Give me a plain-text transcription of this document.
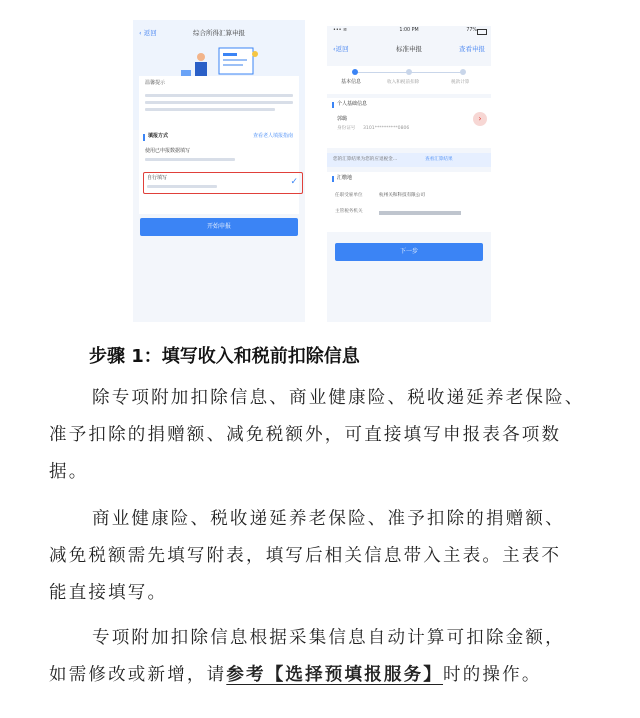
‹ 返回	综合所得汇算申报
温馨提示
填报方式	查看老人填报指南
使用已申报数据填写
自行填写	✓
开始申报
••• ≋	1:00 PM	77%
‹返回	标准申报	查看申报
基本信息	收入和税前扣除	税款计算
个人基础信息
郭璐
身份证号 3101**********0806
›
您的汇算结果为您的应退税金…	查看汇算结果
汇缴地
任职受雇单位	杭州关和科技有限公司
主管税务机关
下一步
步骤 1：填写收入和税前扣除信息
除专项附加扣除信息、商业健康险、税收递延养老保险、
准予扣除的捐赠额、减免税额外，可直接填写申报表各项数
据。
商业健康险、税收递延养老保险、准予扣除的捐赠额、
减免税额需先填写附表，填写后相关信息带入主表。主表不
能直接填写。
专项附加扣除信息根据采集信息自动计算可扣除金额，
如需修改或新增，请参考【选择预填报服务】时的操作。
